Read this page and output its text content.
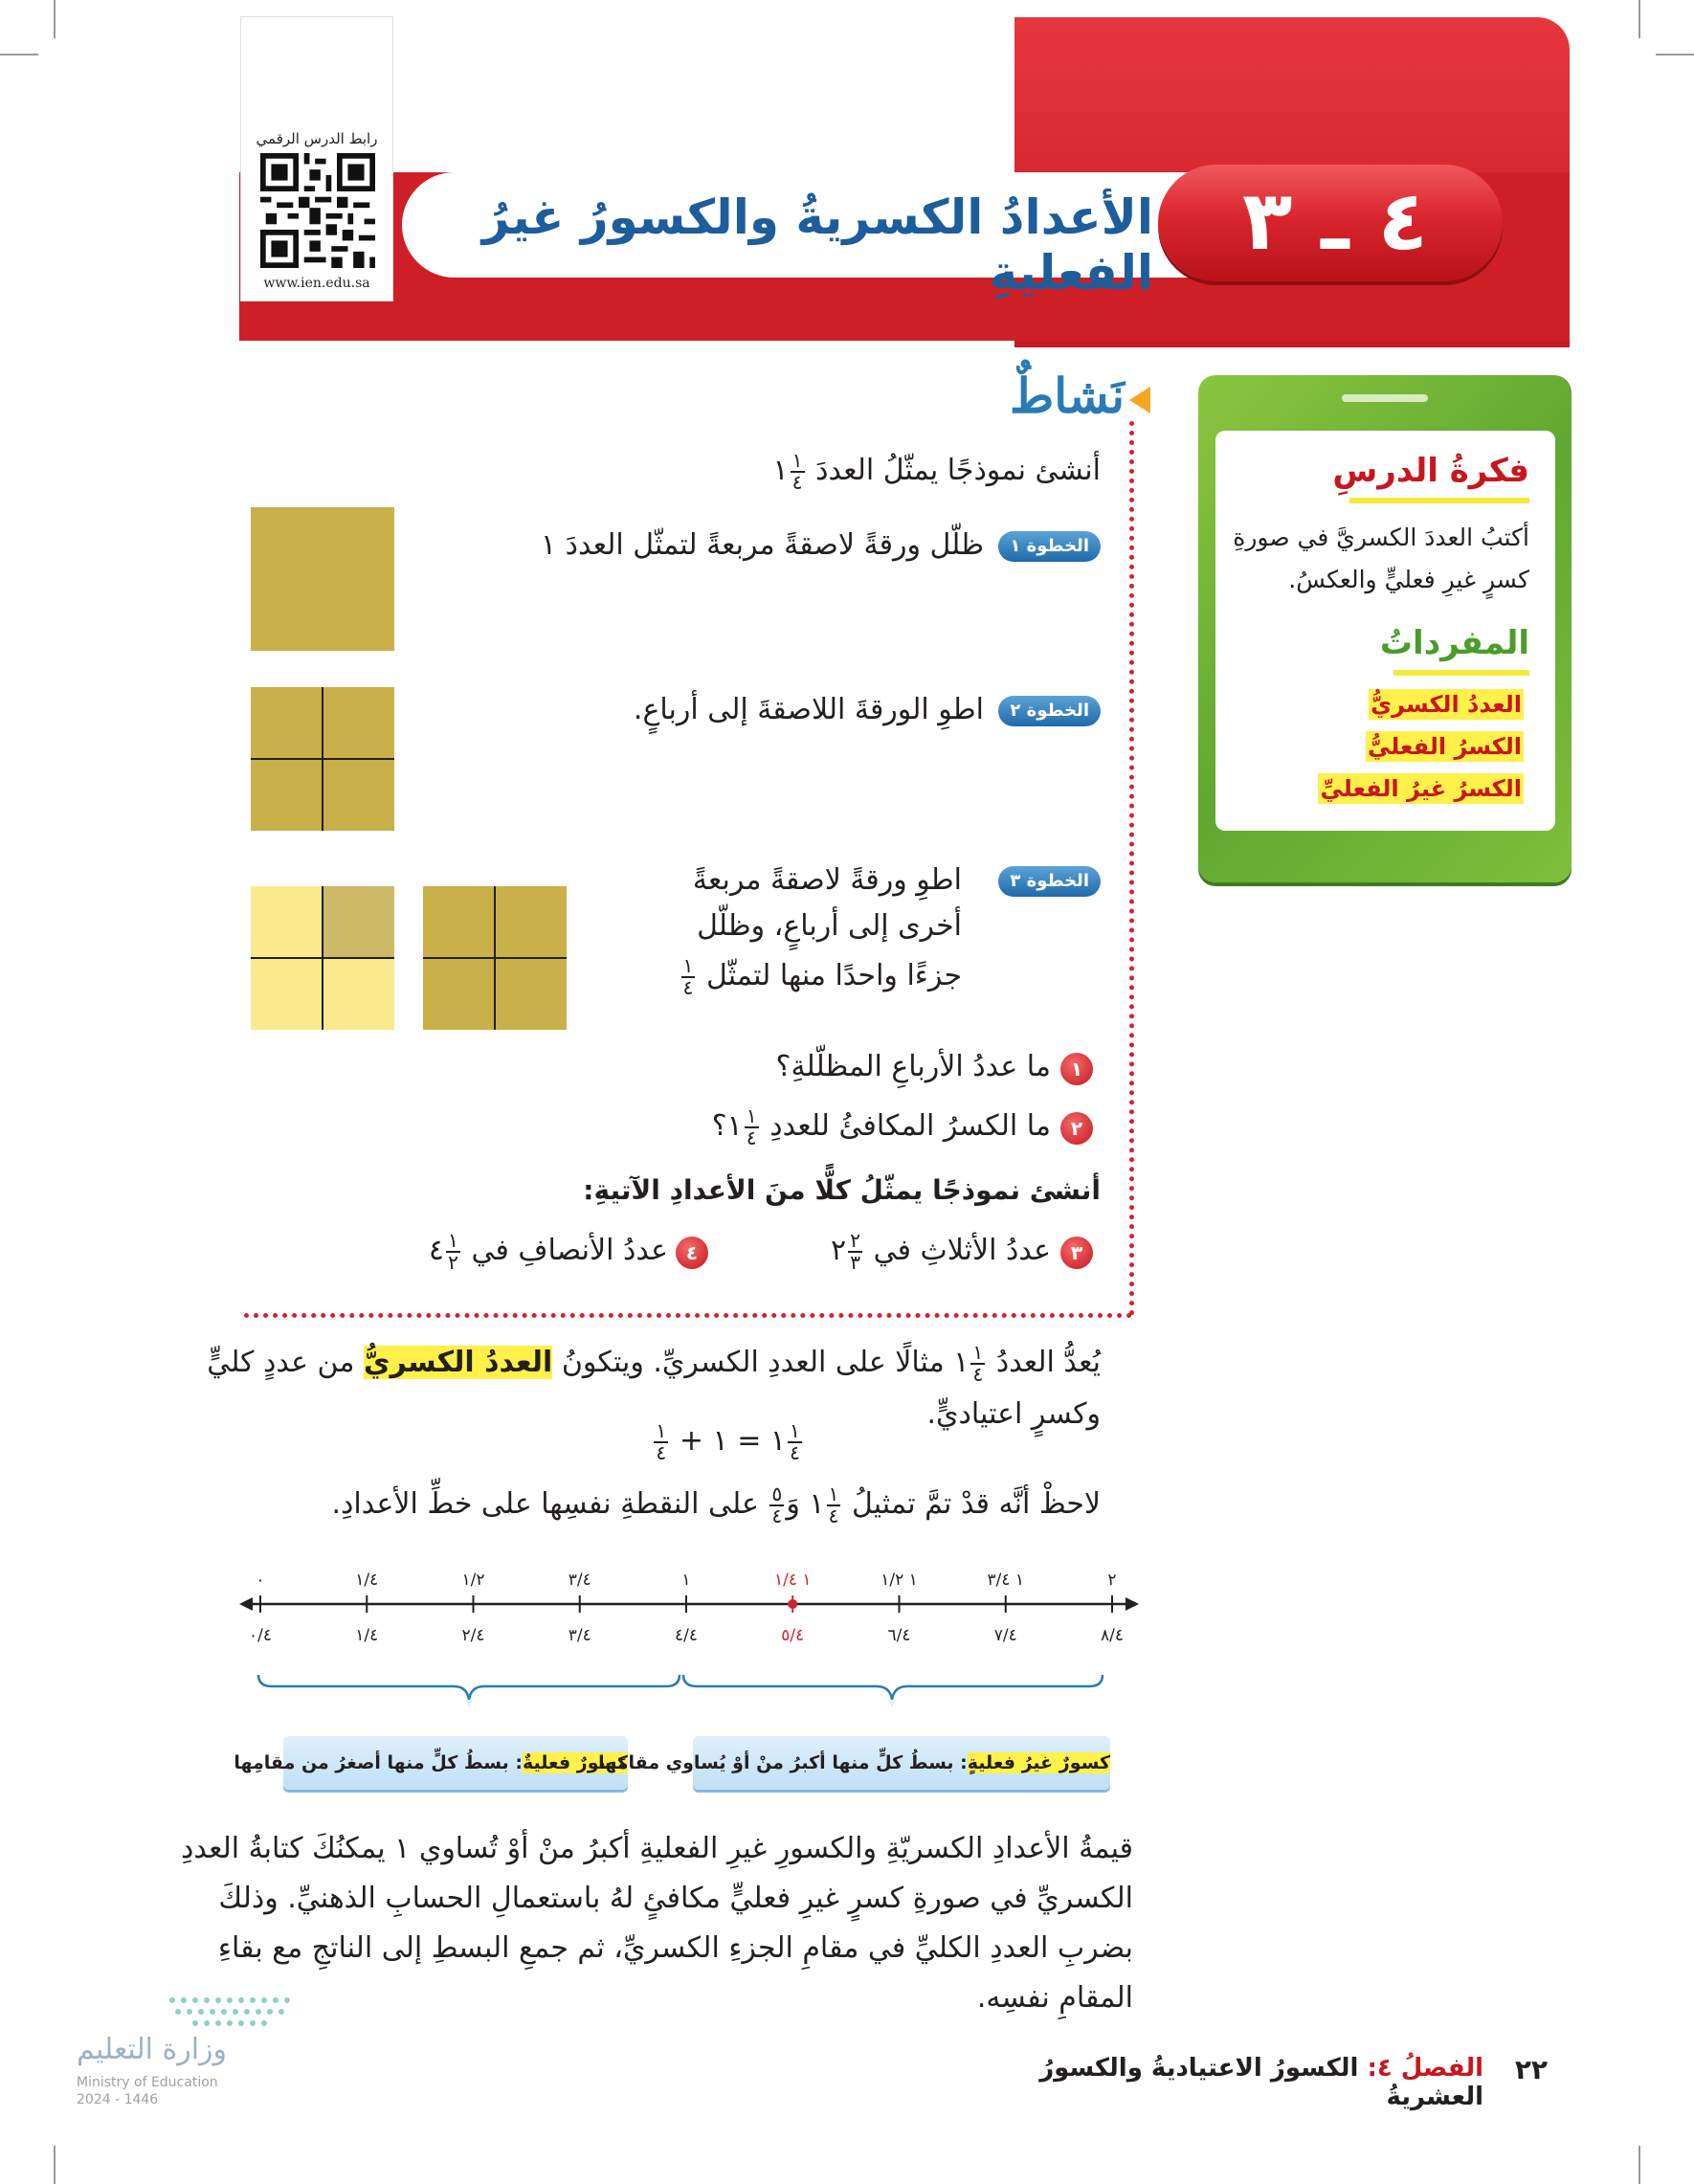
٤ ـ ٣
الأعدادُ الكسريةُ والكسورُ غيرُ الفعليةِ
رابط الدرس الرقمي
www.ien.edu.sa
نَشاطٌ
أنشئ نموذجًا يمثّلُ العددَ
$\frac{١}{٤}$
١
الخطوة ١
ظلّل ورقةً لاصقةً مربعةً لتمثّل العددَ ١
الخطوة ٢
اطوِ الورقةَ اللاصقةَ إلى أرباعٍ.
الخطوة ٣
اطوِ ورقةً لاصقةً مربعةً
أخرى إلى أرباعٍ، وظلّل
جزءًا واحدًا منها لتمثّل
$\frac{١}{٤}$
١
ما عددُ الأرباعِ المظلّلةِ؟
٢
ما الكسرُ المكافئُ للعددِ
$\frac{١}{٤}$
١؟
أنشئ نموذجًا يمثّلُ كلًّا منَ الأعدادِ الآتيةِ:
٣
عددُ الأثلاثِ في
$\frac{٢}{٣}$
٢
٤
عددُ الأنصافِ في
$\frac{١}{٢}$
٤
فكرةُ الدرسِ
أكتبُ العددَ الكسريَّ في صورةِ كسرٍ غيرِ فعليٍّ والعكسُ.
المفرداتُ
العددُ الكسريُّ
الكسرُ الفعليُّ
الكسرُ غيرُ الفعليِّ
يُعدُّ العددُ
$\frac{١}{٤}$
١ مثالًا على العددِ الكسريِّ. ويتكونُ العددُ الكسريُّ من عددٍ كليٍّ
وكسرٍ اعتياديٍّ.
$\frac{١}{٤}$
١ = ١ +
$\frac{١}{٤}$
لاحظْ أنَّه قدْ تمَّ تمثيلُ
$\frac{١}{٤}$
١ وَ
$\frac{٥}{٤}$
على النقطةِ نفسِها على خطِّ الأعدادِ.
٠
٠/٤
١/٤
١/٤
١/٢
٢/٤
٣/٤
٣/٤
١
٤/٤
١ ١/٤
٥/٤
١ ١/٢
٦/٤
١ ٣/٤
٧/٤
٢
٨/٤
كسورٌ فعليةٌ: بسطُ كلٍّ منها أصغرُ من مقامِها	كسورٌ غيرُ فعليةٍ: بسطُ كلٍّ منها أكبرُ منْ أوْ يُساوي مقامَها
قيمةُ الأعدادِ الكسريّةِ والكسورِ غيرِ الفعليةِ أكبرُ منْ أوْ تُساوي ١ يمكنُكَ كتابةُ العددِ
الكسريِّ في صورةِ كسرٍ غيرِ فعليٍّ مكافئٍ لهُ باستعمالِ الحسابِ الذهنيِّ. وذلكَ
بضربِ العددِ الكليِّ في مقامِ الجزءِ الكسريِّ، ثم جمعِ البسطِ إلى الناتجِ مع بقاءِ
المقامِ نفسِه.
وزارة التعليم
Ministry of Education
2024 - 1446
الفصلُ ٤: الكسورُ الاعتياديةُ والكسورُ العشريةُ
٢٢
